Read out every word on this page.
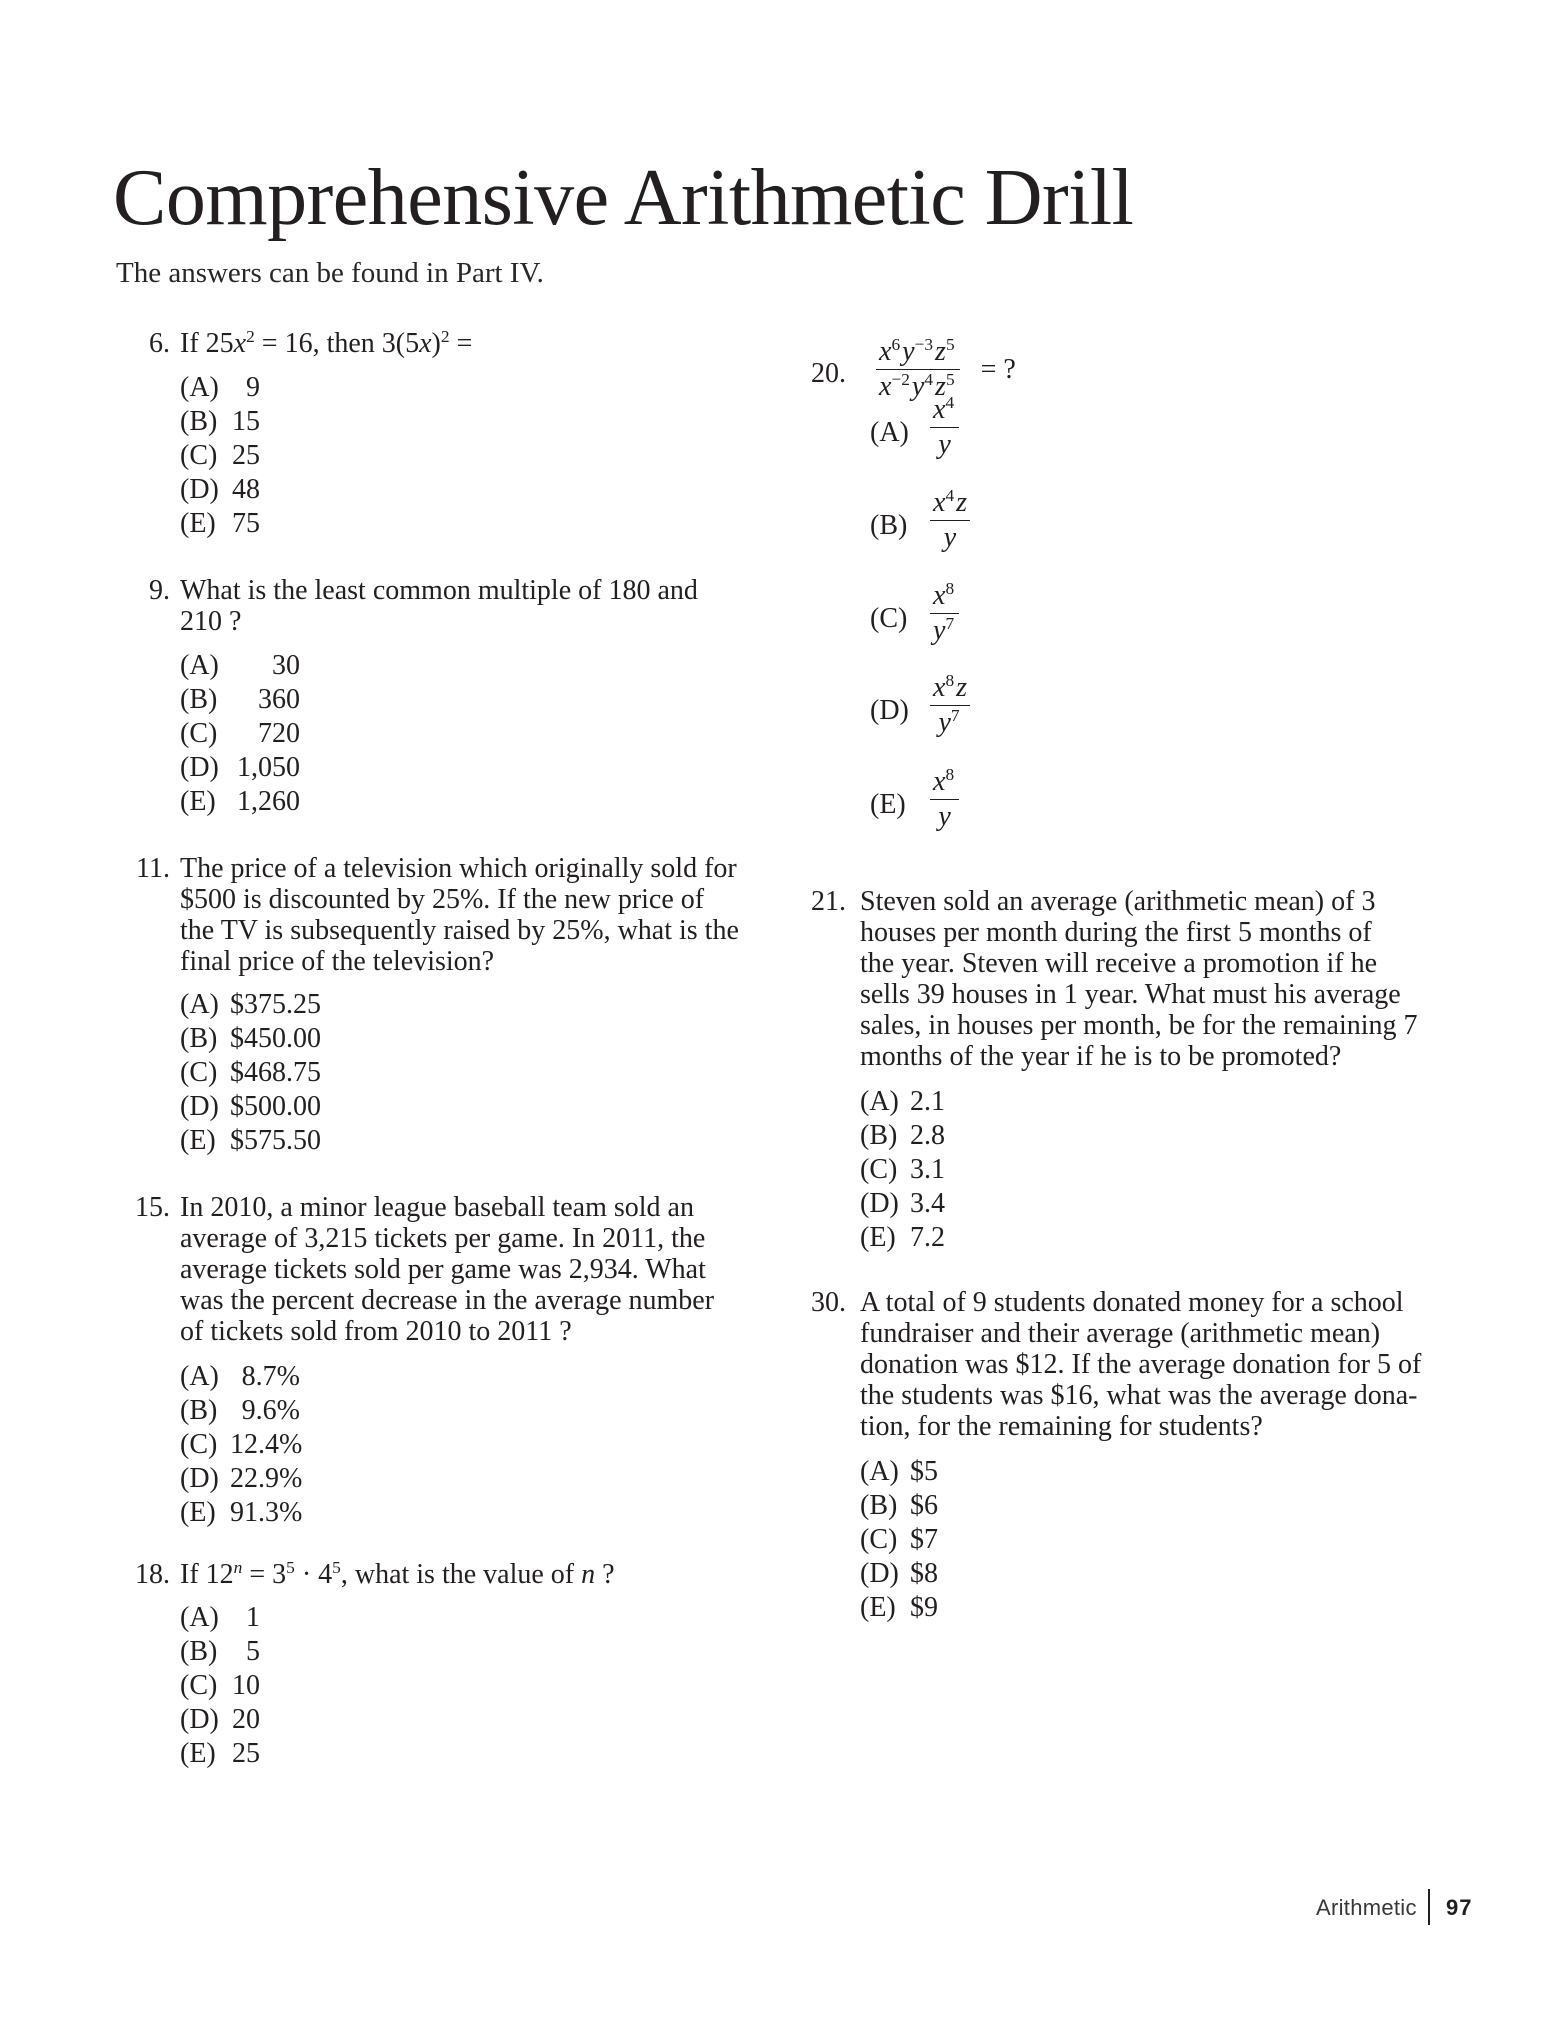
Comprehensive Arithmetic Drill
The answers can be found in Part IV.
6. If $25x^2 = 16$, then $3(5x)^2$ =
(A) 9
(B) 15
(C) 25
(D) 48
(E) 75
9. What is the least common multiple of 180 and
210 ?
(A) 30
(B) 360
(C) 720
(D) 1,050
(E) 1,260
11. The price of a television which originally sold for
$500 is discounted by 25%. If the new price of
the TV is subsequently raised by 25%, what is the
final price of the television?
(A) $375.25
(B) $450.00
(C) $468.75
(D) $500.00
(E) $575.50
15. In 2010, a minor league baseball team sold an
average of 3,215 tickets per game. In 2011, the
average tickets sold per game was 2,934. What
was the percent decrease in the average number
of tickets sold from 2010 to 2011 ?
(A) 8.7%
(B) 9.6%
(C) 12.4%
(D) 22.9%
(E) 91.3%
18. If $12^n = 3^5 \cdot 4^5$, what is the value of n ?
(A) 1
(B) 5
(C) 10
(D) 20
(E) 25
20. $\frac{x^6y^{-3}z^5}{x^{-2}y^4z^5}$ = ?
(A)
$x^4$
y
(B)
$x^4z$
y
(C)
$x^8$
$y^7$
(D)
$x^8z$
$y^7$
(E)
$x^8$
y
21. Steven sold an average (arithmetic mean) of 3
houses per month during the first 5 months of
the year. Steven will receive a promotion if he
sells 39 houses in 1 year. What must his average
sales, in houses per month, be for the remaining 7
months of the year if he is to be promoted?
(A) 2.1
(B) 2.8
(C) 3.1
(D) 3.4
(E) 7.2
30. A total of 9 students donated money for a school
fundraiser and their average (arithmetic mean)
donation was $12. If the average donation for 5 of
the students was $16, what was the average dona-
tion, for the remaining for students?
(A) $5
(B) $6
(C) $7
(D) $8
(E) $9
Arithmetic 97
